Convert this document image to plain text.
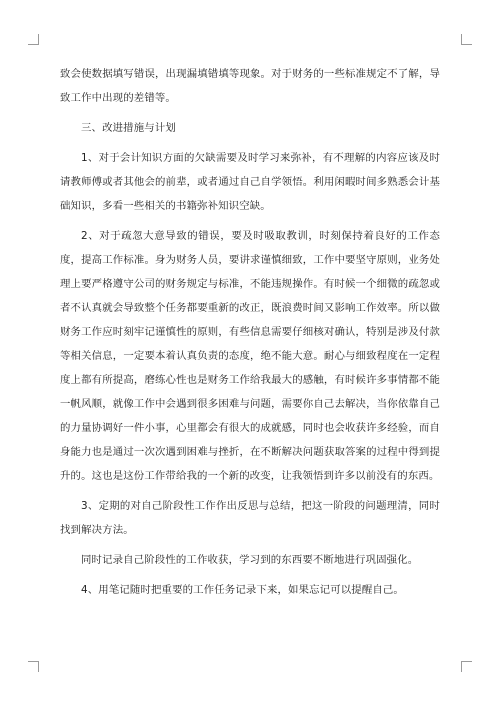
致会使数据填写错误，出现漏填错填等现象。对于财务的一些标准规定不了解，导致工作中出现的差错等。

三、改进措施与计划

1、对于会计知识方面的欠缺需要及时学习来弥补，有不理解的内容应该及时请教师傅或者其他会的前辈，或者通过自己自学领悟。利用闲暇时间多熟悉会计基础知识，多看一些相关的书籍弥补知识空缺。

2、对于疏忽大意导致的错误，要及时吸取教训，时刻保持着良好的工作态度，提高工作标准。身为财务人员，要讲求谨慎细致，工作中要坚守原则，业务处理上要严格遵守公司的财务规定与标准，不能违规操作。有时候一个细微的疏忽或者不认真就会导致整个任务都要重新的改正，既浪费时间又影响工作效率。所以做财务工作应时刻牢记谨慎性的原则，有些信息需要仔细核对确认，特别是涉及付款等相关信息，一定要本着认真负责的态度，绝不能大意。耐心与细致程度在一定程度上都有所提高，磨练心性也是财务工作给我最大的感触，有时候许多事情都不能一帆风顺，就像工作中会遇到很多困难与问题，需要你自己去解决，当你依靠自己的力量协调好一件小事，心里都会有很大的成就感，同时也会收获许多经验，而自身能力也是通过一次次遇到困难与挫折，在不断解决问题获取答案的过程中得到提升的。这也是这份工作带给我的一个新的改变，让我领悟到许多以前没有的东西。

3、定期的对自己阶段性工作作出反思与总结，把这一阶段的问题理清，同时找到解决方法。

同时记录自己阶段性的工作收获，学习到的东西要不断地进行巩固强化。

4、用笔记随时把重要的工作任务记录下来，如果忘记可以提醒自己。
